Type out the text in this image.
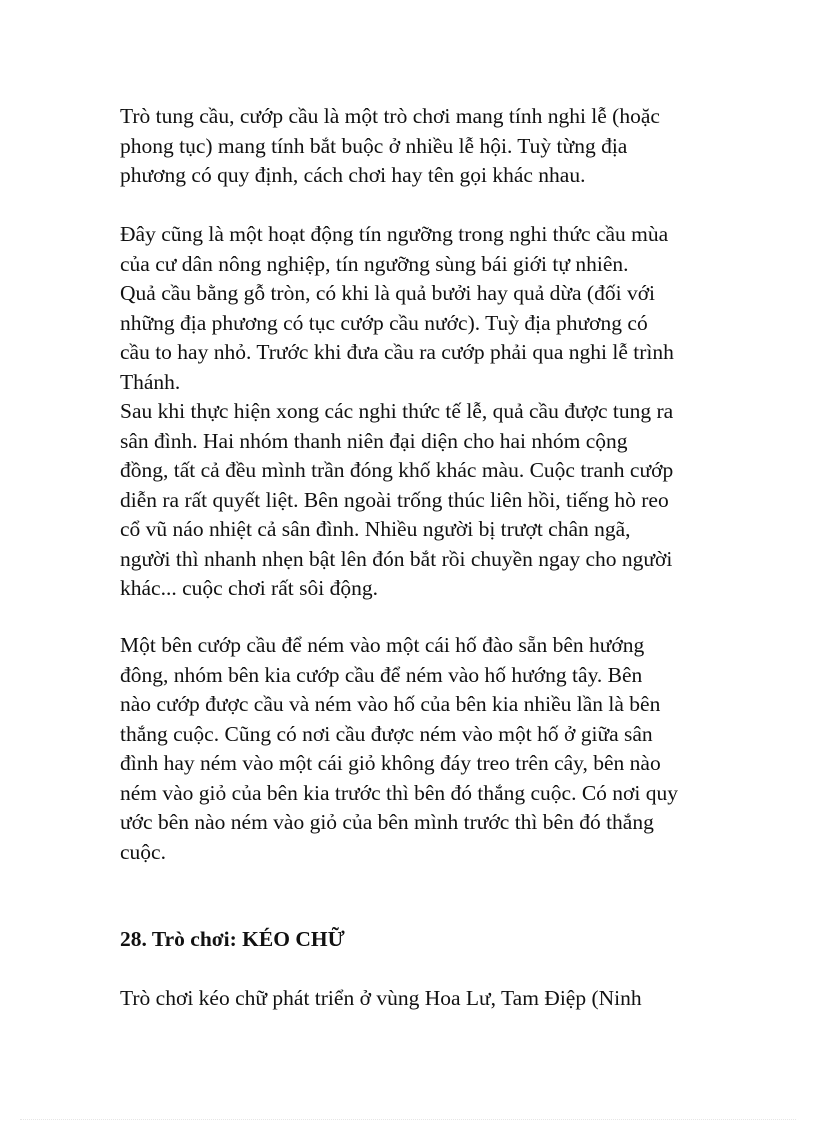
Trò tung cầu, cướp cầu là một trò chơi mang tính nghi lễ (hoặc
phong tục) mang tính bắt buộc ở nhiều lễ hội. Tuỳ từng địa
phương có quy định, cách chơi hay tên gọi khác nhau.
Đây cũng là một hoạt động tín ngưỡng trong nghi thức cầu mùa
của cư dân nông nghiệp, tín ngưỡng sùng bái giới tự nhiên.
Quả cầu bằng gỗ tròn, có khi là quả bưởi hay quả dừa (đối với
những địa phương có tục cướp cầu nước). Tuỳ địa phương có
cầu to hay nhỏ. Trước khi đưa cầu ra cướp phải qua nghi lễ trình
Thánh.
Sau khi thực hiện xong các nghi thức tế lễ, quả cầu được tung ra
sân đình. Hai nhóm thanh niên đại diện cho hai nhóm cộng
đồng, tất cả đều mình trần đóng khố khác màu. Cuộc tranh cướp
diễn ra rất quyết liệt. Bên ngoài trống thúc liên hồi, tiếng hò reo
cổ vũ náo nhiệt cả sân đình. Nhiều người bị trượt chân ngã,
người thì nhanh nhẹn bật lên đón bắt rồi chuyền ngay cho người
khác... cuộc chơi rất sôi động.
Một bên cướp cầu để ném vào một cái hố đào sẵn bên hướng
đông, nhóm bên kia cướp cầu để ném vào hố hướng tây. Bên
nào cướp được cầu và ném vào hố của bên kia nhiều lần là bên
thắng cuộc. Cũng có nơi cầu được ném vào một hố ở giữa sân
đình hay ném vào một cái giỏ không đáy treo trên cây, bên nào
ném vào giỏ của bên kia trước thì bên đó thắng cuộc. Có nơi quy
ước bên nào ném vào giỏ của bên mình trước thì bên đó thắng
cuộc.
28. Trò chơi: KÉO CHỮ
Trò chơi kéo chữ phát triển ở vùng Hoa Lư, Tam Điệp (Ninh
